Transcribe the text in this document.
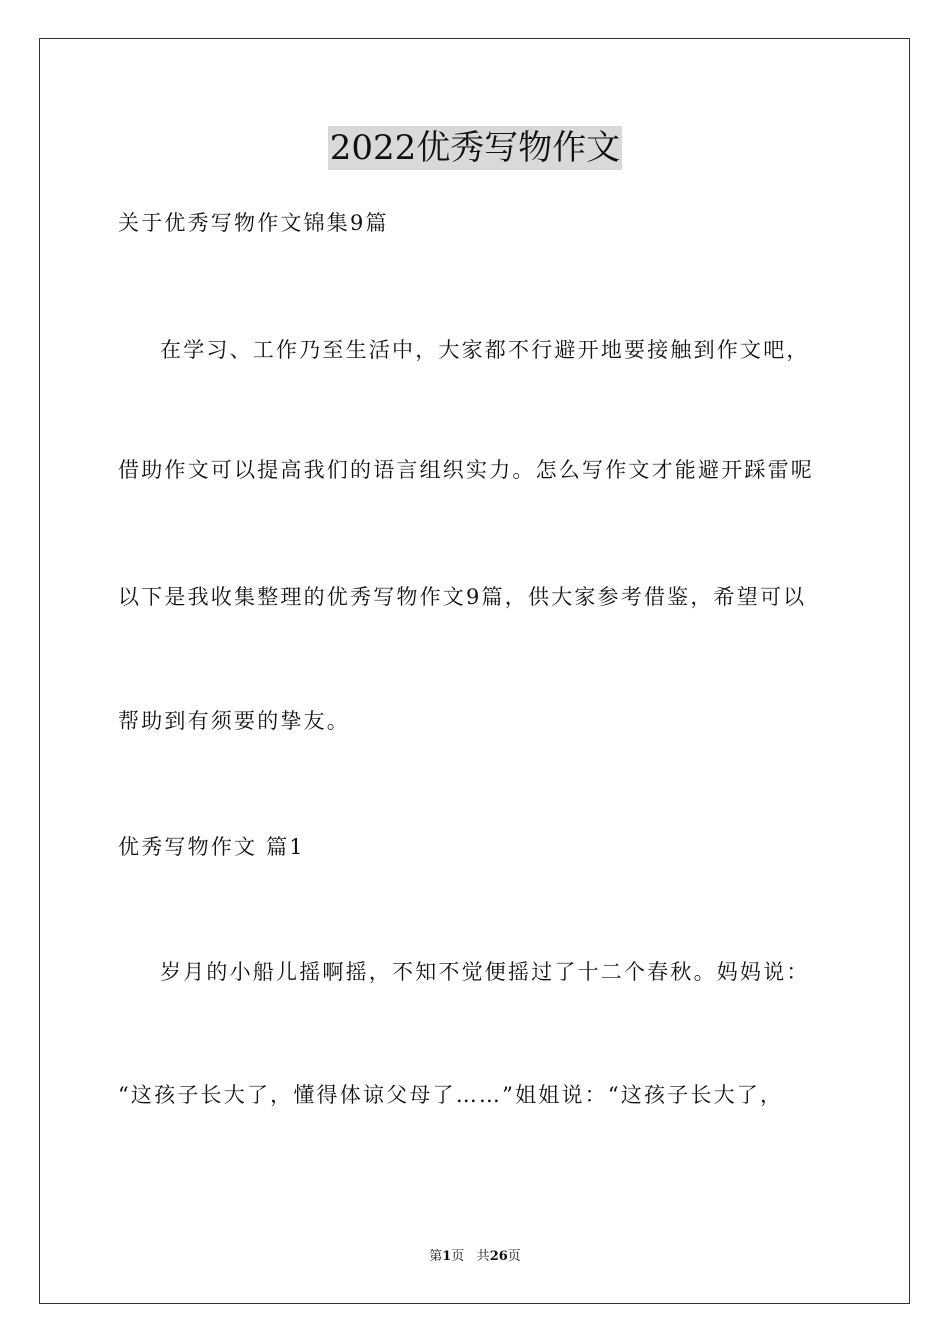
2022优秀写物作文
关于优秀写物作文锦集9篇
在学习、工作乃至生活中，大家都不行避开地要接触到作文吧，
借助作文可以提高我们的语言组织实力。怎么写作文才能避开踩雷呢
以下是我收集整理的优秀写物作文9篇，供大家参考借鉴，希望可以
帮助到有须要的挚友。
优秀写物作文 篇1
岁月的小船儿摇啊摇，不知不觉便摇过了十二个春秋。妈妈说：
“这孩子长大了，懂得体谅父母了……”姐姐说：“这孩子长大了，
第1页 共26页
